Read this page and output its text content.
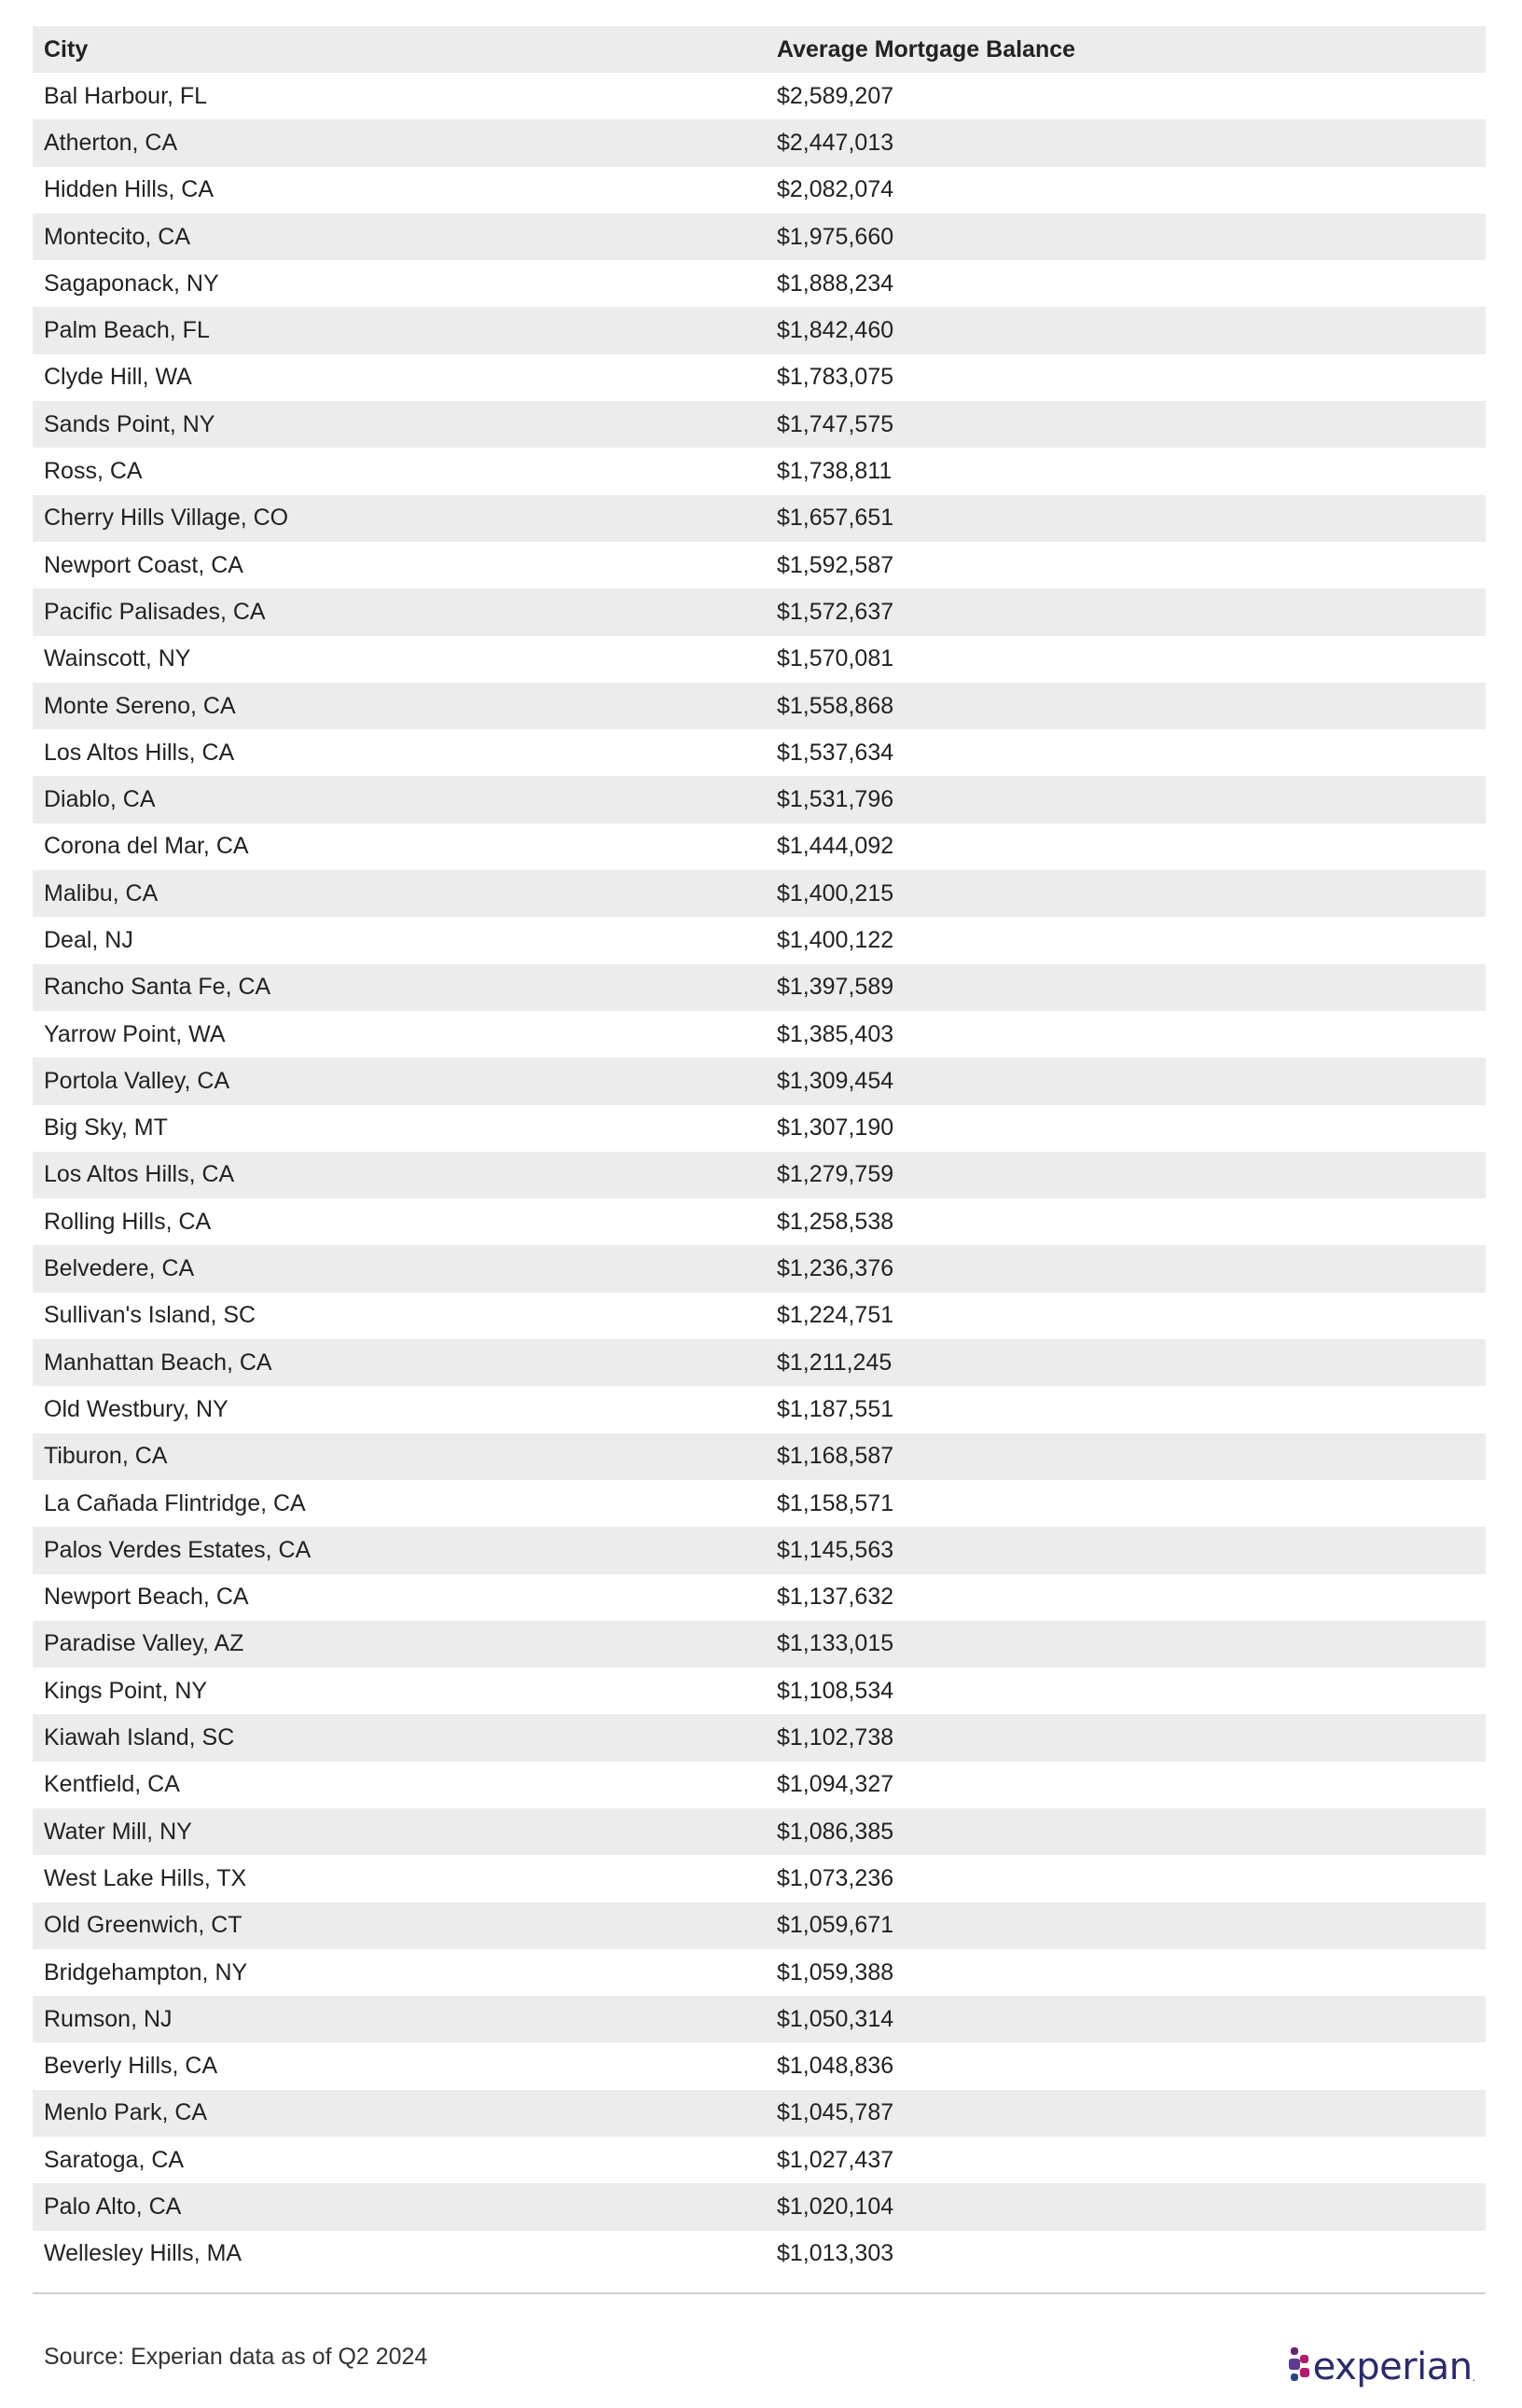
City	Average Mortgage Balance
Bal Harbour, FL	$2,589,207
Atherton, CA	$2,447,013
Hidden Hills, CA	$2,082,074
Montecito, CA	$1,975,660
Sagaponack, NY	$1,888,234
Palm Beach, FL	$1,842,460
Clyde Hill, WA	$1,783,075
Sands Point, NY	$1,747,575
Ross, CA	$1,738,811
Cherry Hills Village, CO	$1,657,651
Newport Coast, CA	$1,592,587
Pacific Palisades, CA	$1,572,637
Wainscott, NY	$1,570,081
Monte Sereno, CA	$1,558,868
Los Altos Hills, CA	$1,537,634
Diablo, CA	$1,531,796
Corona del Mar, CA	$1,444,092
Malibu, CA	$1,400,215
Deal, NJ	$1,400,122
Rancho Santa Fe, CA	$1,397,589
Yarrow Point, WA	$1,385,403
Portola Valley, CA	$1,309,454
Big Sky, MT	$1,307,190
Los Altos Hills, CA	$1,279,759
Rolling Hills, CA	$1,258,538
Belvedere, CA	$1,236,376
Sullivan's Island, SC	$1,224,751
Manhattan Beach, CA	$1,211,245
Old Westbury, NY	$1,187,551
Tiburon, CA	$1,168,587
La Cañada Flintridge, CA	$1,158,571
Palos Verdes Estates, CA	$1,145,563
Newport Beach, CA	$1,137,632
Paradise Valley, AZ	$1,133,015
Kings Point, NY	$1,108,534
Kiawah Island, SC	$1,102,738
Kentfield, CA	$1,094,327
Water Mill, NY	$1,086,385
West Lake Hills, TX	$1,073,236
Old Greenwich, CT	$1,059,671
Bridgehampton, NY	$1,059,388
Rumson, NJ	$1,050,314
Beverly Hills, CA	$1,048,836
Menlo Park, CA	$1,045,787
Saratoga, CA	$1,027,437
Palo Alto, CA	$1,020,104
Wellesley Hills, MA	$1,013,303
Source: Experian data as of Q2 2024	experian .
